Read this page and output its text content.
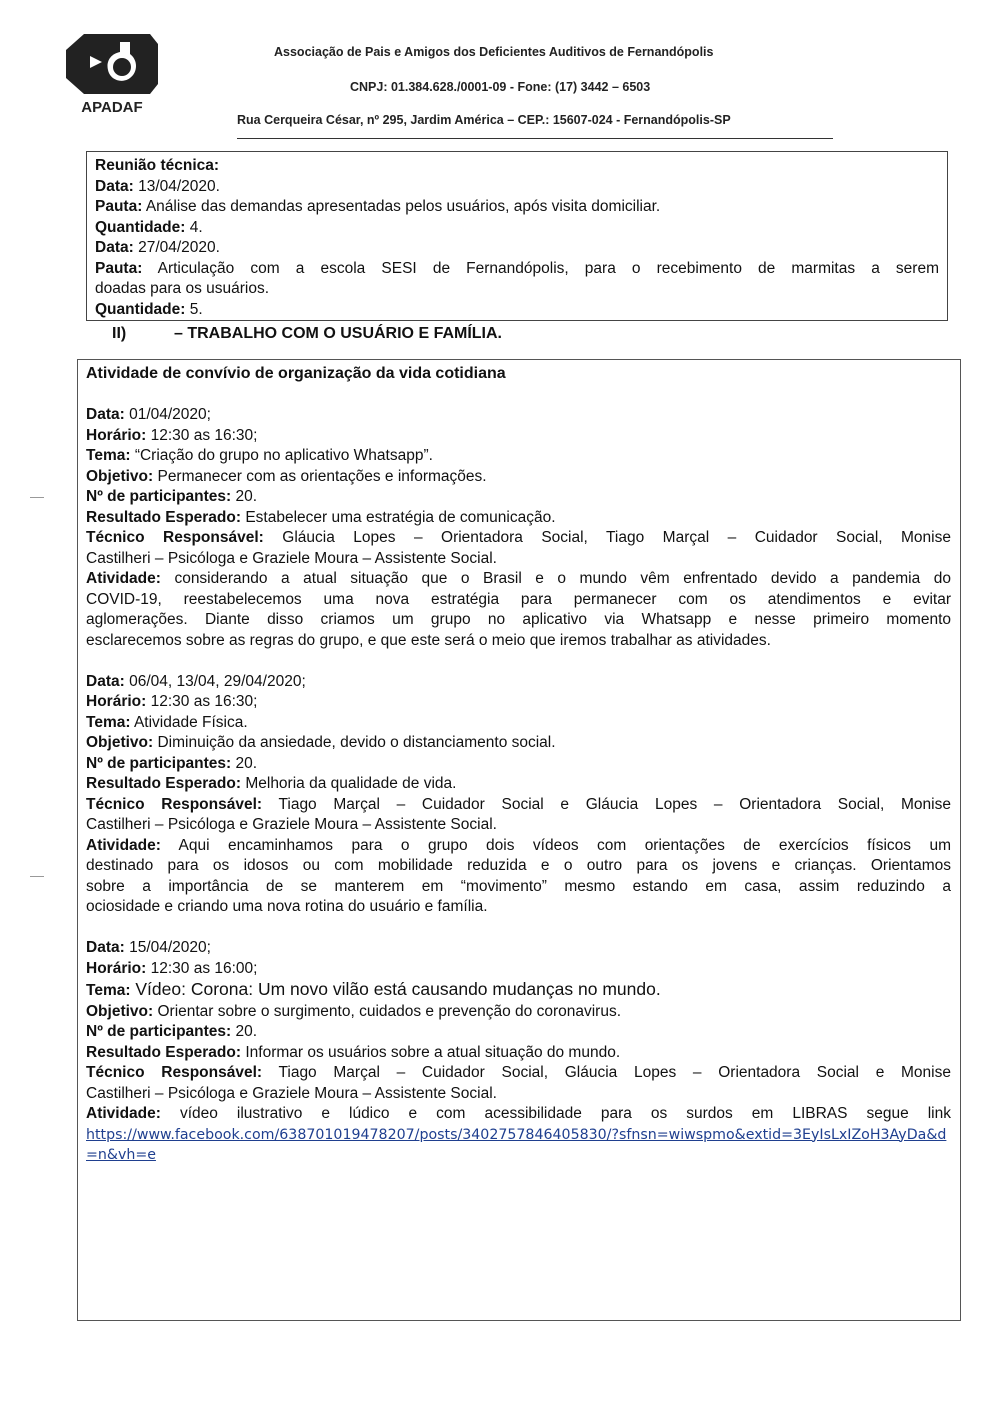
APADAF
Associação de Pais e Amigos dos Deficientes Auditivos de Fernandópolis
CNPJ: 01.384.628./0001-09 - Fone: (17) 3442 – 6503
Rua Cerqueira César, nº 295, Jardim América – CEP.: 15607-024 - Fernandópolis-SP
Reunião técnica:
Data: 13/04/2020.
Pauta: Análise das demandas apresentadas pelos usuários, após visita domiciliar.
Quantidade: 4.
Data: 27/04/2020.
Pauta: Articulação com a escola SESI de Fernandópolis, para o recebimento de marmitas a serem
doadas para os usuários.
Quantidade: 5.
II)	– TRABALHO COM O USUÁRIO E FAMÍLIA.
Atividade de convívio de organização da vida cotidiana
Data: 01/04/2020;
Horário: 12:30 as 16:30;
Tema: “Criação do grupo no aplicativo Whatsapp”.
Objetivo: Permanecer com as orientações e informações.
Nº de participantes: 20.
Resultado Esperado: Estabelecer uma estratégia de comunicação.
Técnico Responsável: Gláucia Lopes – Orientadora Social, Tiago Marçal – Cuidador Social, Monise
Castilheri – Psicóloga e Graziele Moura – Assistente Social.
Atividade: considerando a atual situação que o Brasil e o mundo vêm enfrentado devido a pandemia do
COVID-19, reestabelecemos uma nova estratégia para permanecer com os atendimentos e evitar
aglomerações. Diante disso criamos um grupo no aplicativo via Whatsapp e nesse primeiro momento
esclarecemos sobre as regras do grupo, e que este será o meio que iremos trabalhar as atividades.
Data: 06/04, 13/04, 29/04/2020;
Horário: 12:30 as 16:30;
Tema: Atividade Física.
Objetivo: Diminuição da ansiedade, devido o distanciamento social.
Nº de participantes: 20.
Resultado Esperado: Melhoria da qualidade de vida.
Técnico Responsável: Tiago Marçal – Cuidador Social e Gláucia Lopes – Orientadora Social, Monise
Castilheri – Psicóloga e Graziele Moura – Assistente Social.
Atividade: Aqui encaminhamos para o grupo dois vídeos com orientações de exercícios físicos um
destinado para os idosos ou com mobilidade reduzida e o outro para os jovens e crianças. Orientamos
sobre a importância de se manterem em “movimento” mesmo estando em casa, assim reduzindo a
ociosidade e criando uma nova rotina do usuário e família.
Data: 15/04/2020;
Horário: 12:30 as 16:00;
Tema: Vídeo: Corona: Um novo vilão está causando mudanças no mundo.
Objetivo: Orientar sobre o surgimento, cuidados e prevenção do coronavirus.
Nº de participantes: 20.
Resultado Esperado: Informar os usuários sobre a atual situação do mundo.
Técnico Responsável: Tiago Marçal – Cuidador Social, Gláucia Lopes – Orientadora Social e Monise
Castilheri – Psicóloga e Graziele Moura – Assistente Social.
Atividade: vídeo ilustrativo e lúdico e com acessibilidade para os surdos em LIBRAS segue link
https://www.facebook.com/638701019478207/posts/3402757846405830/?sfnsn=wiwspmo&extid=3EyIsLxIZoH3AyDa&d=n&vh=e
